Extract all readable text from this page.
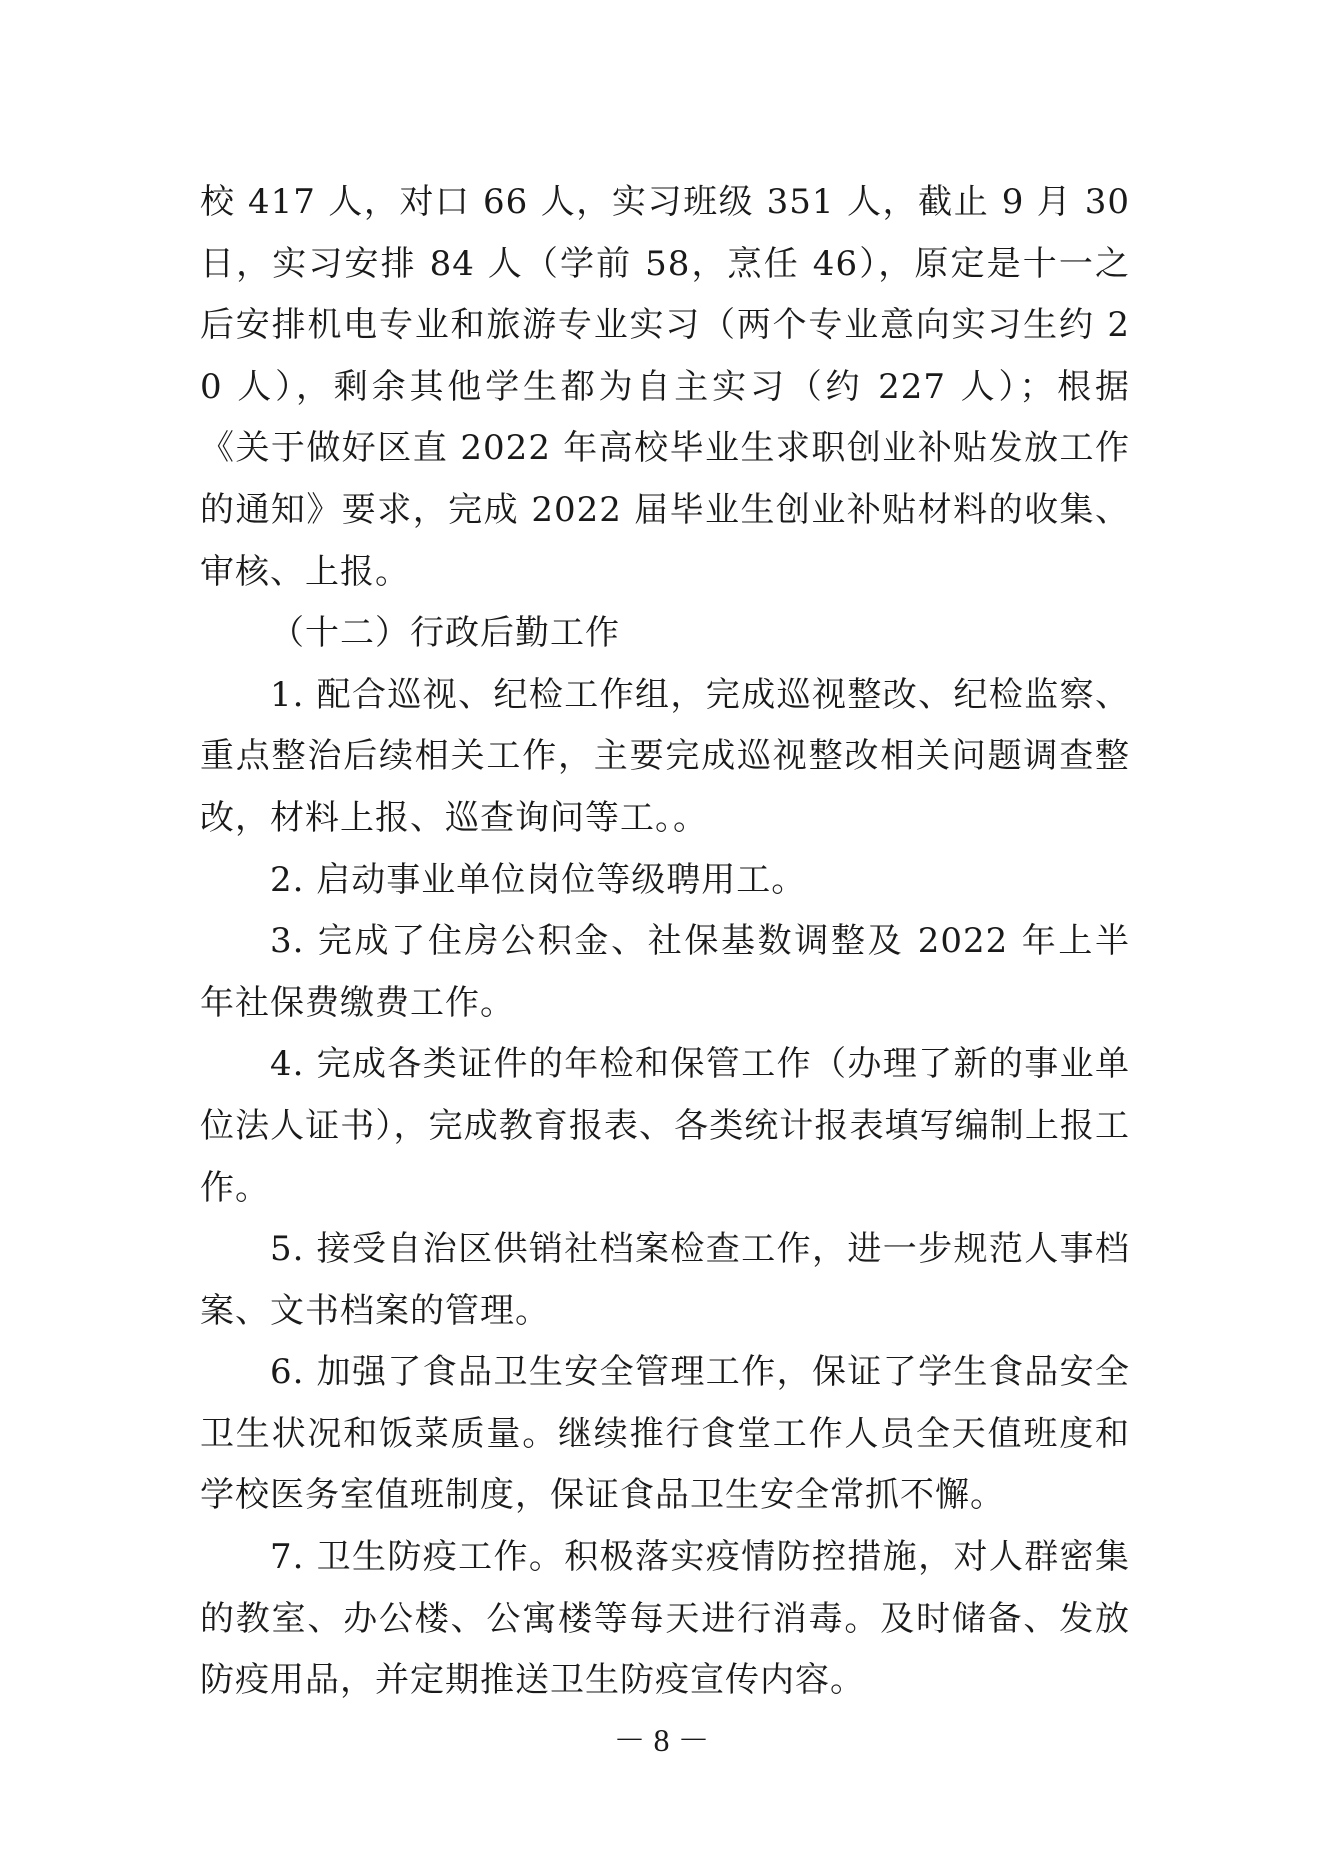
校 417 人，对口 66 人，实习班级 351 人，截止 9 月 30 日，实习安排 84 人（学前 58，烹任 46），原定是十一之后安排机电专业和旅游专业实习（两个专业意向实习生约 20 人），剩余其他学生都为自主实习（约 227 人）；根据《关于做好区直 2022 年高校毕业生求职创业补贴发放工作的通知》要求，完成 2022 届毕业生创业补贴材料的收集、审核、上报。

（十二）行政后勤工作

1. 配合巡视、纪检工作组，完成巡视整改、纪检监察、重点整治后续相关工作，主要完成巡视整改相关问题调查整改，材料上报、巡查询问等工。。

2. 启动事业单位岗位等级聘用工。

3. 完成了住房公积金、社保基数调整及 2022 年上半年社保费缴费工作。

4. 完成各类证件的年检和保管工作（办理了新的事业单位法人证书），完成教育报表、各类统计报表填写编制上报工作。

5. 接受自治区供销社档案检查工作，进一步规范人事档案、文书档案的管理。

6. 加强了食品卫生安全管理工作，保证了学生食品安全卫生状况和饭菜质量。继续推行食堂工作人员全天值班度和学校医务室值班制度，保证食品卫生安全常抓不懈。

7. 卫生防疫工作。积极落实疫情防控措施，对人群密集的教室、办公楼、公寓楼等每天进行消毒。及时储备、发放防疫用品，并定期推送卫生防疫宣传内容。

－ 8 －
